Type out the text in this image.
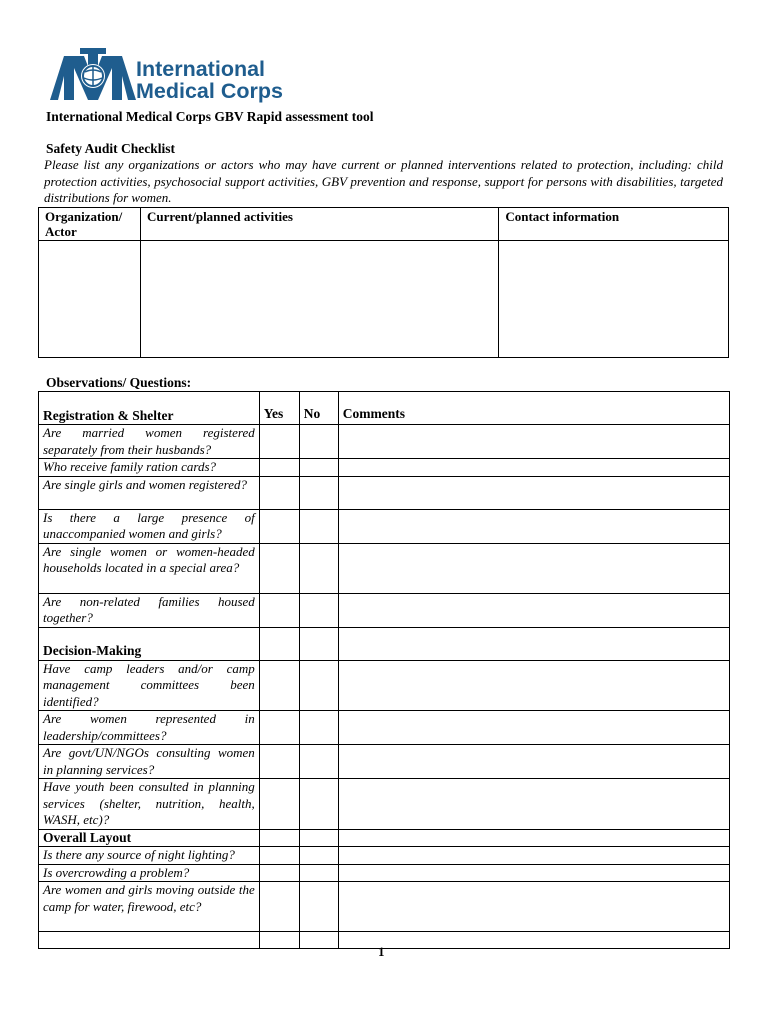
International
Medical Corps
International Medical Corps GBV Rapid assessment tool
Safety Audit Checklist
Please list any organizations or actors who may have current or planned interventions related to protection, including: child protection activities, psychosocial support activities, GBV prevention and response, support for persons with disabilities, targeted distributions for women.
Organization/ Actor	Current/planned activities	Contact information

Observations/ Questions:
Registration & Shelter	Yes	No	Comments
Are married women registered separately from their husbands?			
Who receive family ration cards?			
Are single girls and women registered?			
Is there a large presence of unaccompanied women and girls?			
Are single women or women-headed households located in a special area?			
Are non-related families housed together?			
Decision-Making			
Have camp leaders and/or camp management committees been identified?			
Are women represented in leadership/committees?			
Are govt/UN/NGOs consulting women in planning services?			
Have youth been consulted in planning services (shelter, nutrition, health, WASH, etc)?			
Overall Layout			
Is there any source of night lighting?			
Is overcrowding a problem?			
Are women and girls moving outside the camp for water, firewood, etc?			

1
